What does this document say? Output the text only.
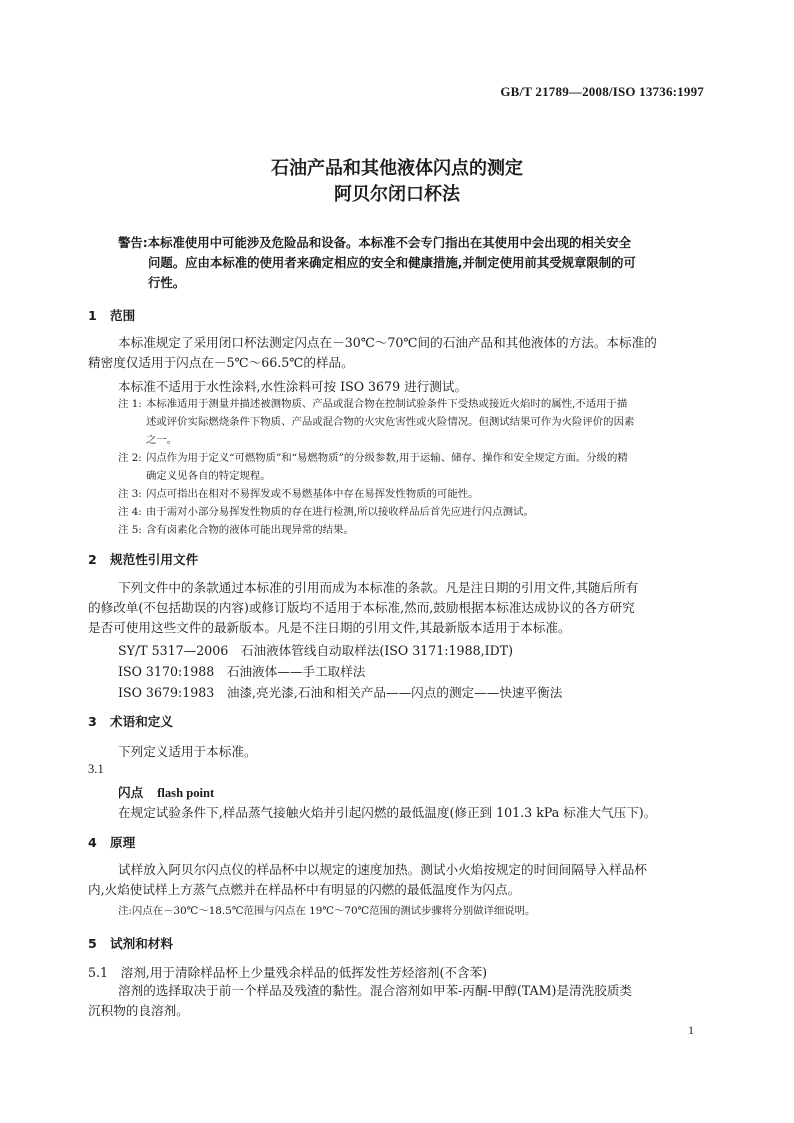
GB/T 21789—2008/ISO 13736:1997
石油产品和其他液体闪点的测定
阿贝尔闭口杯法
警告:本标准使用中可能涉及危险品和设备。本标准不会专门指出在其使用中会出现的相关安全
问题。应由本标准的使用者来确定相应的安全和健康措施,并制定使用前其受规章限制的可
行性。
1 范围
本标准规定了采用闭口杯法测定闪点在－30℃～70℃间的石油产品和其他液体的方法。本标准的
精密度仅适用于闪点在－5℃～66.5℃的样品。
本标准不适用于水性涂料,水性涂料可按 ISO 3679 进行测试。
注 1: 本标准适用于测量并描述被测物质、产品或混合物在控制试验条件下受热或接近火焰时的属性,不适用于描
述或评价实际燃烧条件下物质、产品或混合物的火灾危害性或火险情况。但测试结果可作为火险评价的因素
之一。
注 2: 闪点作为用于定义“可燃物质”和“易燃物质”的分级参数,用于运输、储存、操作和安全规定方面。分级的精
确定义见各自的特定规程。
注 3: 闪点可指出在相对不易挥发或不易燃基体中存在易挥发性物质的可能性。
注 4: 由于需对小部分易挥发性物质的存在进行检测,所以接收样品后首先应进行闪点测试。
注 5: 含有卤素化合物的液体可能出现异常的结果。
2 规范性引用文件
下列文件中的条款通过本标准的引用而成为本标准的条款。凡是注日期的引用文件,其随后所有
的修改单(不包括勘误的内容)或修订版均不适用于本标准,然而,鼓励根据本标准达成协议的各方研究
是否可使用这些文件的最新版本。凡是不注日期的引用文件,其最新版本适用于本标准。
SY/T 5317—2006　石油液体管线自动取样法(ISO 3171:1988,IDT)
ISO 3170:1988　石油液体——手工取样法
ISO 3679:1983　油漆,亮光漆,石油和相关产品——闪点的测定——快速平衡法
3 术语和定义
下列定义适用于本标准。
3.1
闪点 flash point
在规定试验条件下,样品蒸气接触火焰并引起闪燃的最低温度(修正到 101.3 kPa 标准大气压下)。
4 原理
试样放入阿贝尔闪点仪的样品杯中以规定的速度加热。测试小火焰按规定的时间间隔导入样品杯
内,火焰使试样上方蒸气点燃并在样品杯中有明显的闪燃的最低温度作为闪点。
注:闪点在－30℃～18.5℃范围与闪点在 19℃～70℃范围的测试步骤将分别做详细说明。
5 试剂和材料
5.1　溶剂,用于清除样品杯上少量残余样品的低挥发性芳烃溶剂(不含苯)
溶剂的选择取决于前一个样品及残渣的黏性。混合溶剂如甲苯-丙酮-甲醇(TAM)是清洗胶质类
沉积物的良溶剂。
1
